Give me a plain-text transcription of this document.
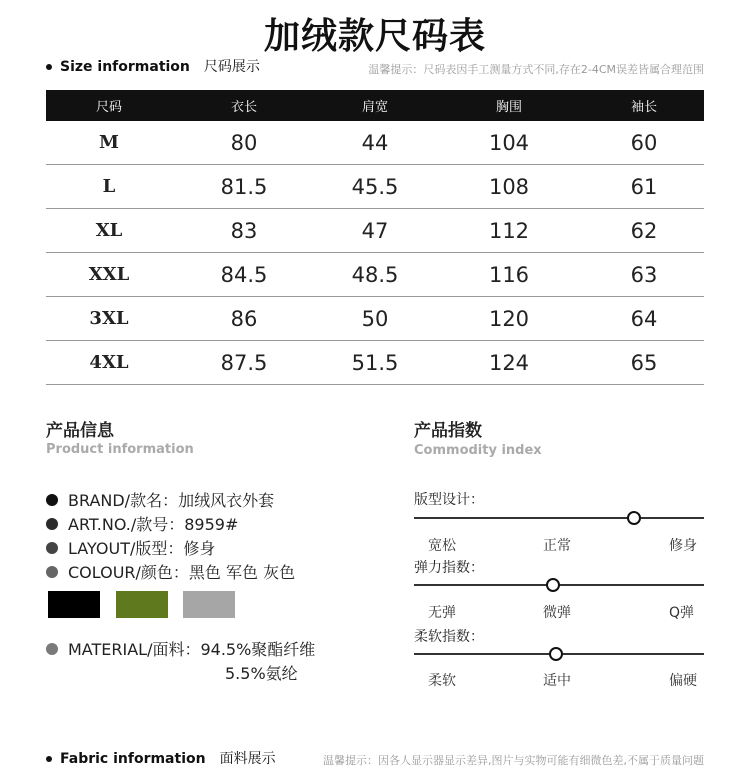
加绒款尺码表
Size information 尺码展示	温馨提示：尺码表因手工测量方式不同,存在2-4CM误差皆属合理范围
尺码	衣长	肩宽	胸围	袖长
M	80	44	104	60
L	81.5	45.5	108	61
XL	83	47	112	62
XXL	84.5	48.5	116	63
3XL	86	50	120	64
4XL	87.5	51.5	124	65
产品信息
Product information
BRAND/款名：加绒风衣外套
ART.NO./款号：8959#
LAYOUT/版型：修身
COLOUR/颜色：黑色 军色 灰色
MATERIAL/面料：94.5%聚酯纤维
5.5%氨纶
产品指数
Commodity index
版型设计：
宽松	正常	修身
弹力指数：
无弹	微弹	Q弹
柔软指数：
柔软	适中	偏硬
Fabric information 面料展示	温馨提示：因各人显示器显示差异,图片与实物可能有细微色差,不属于质量问题
